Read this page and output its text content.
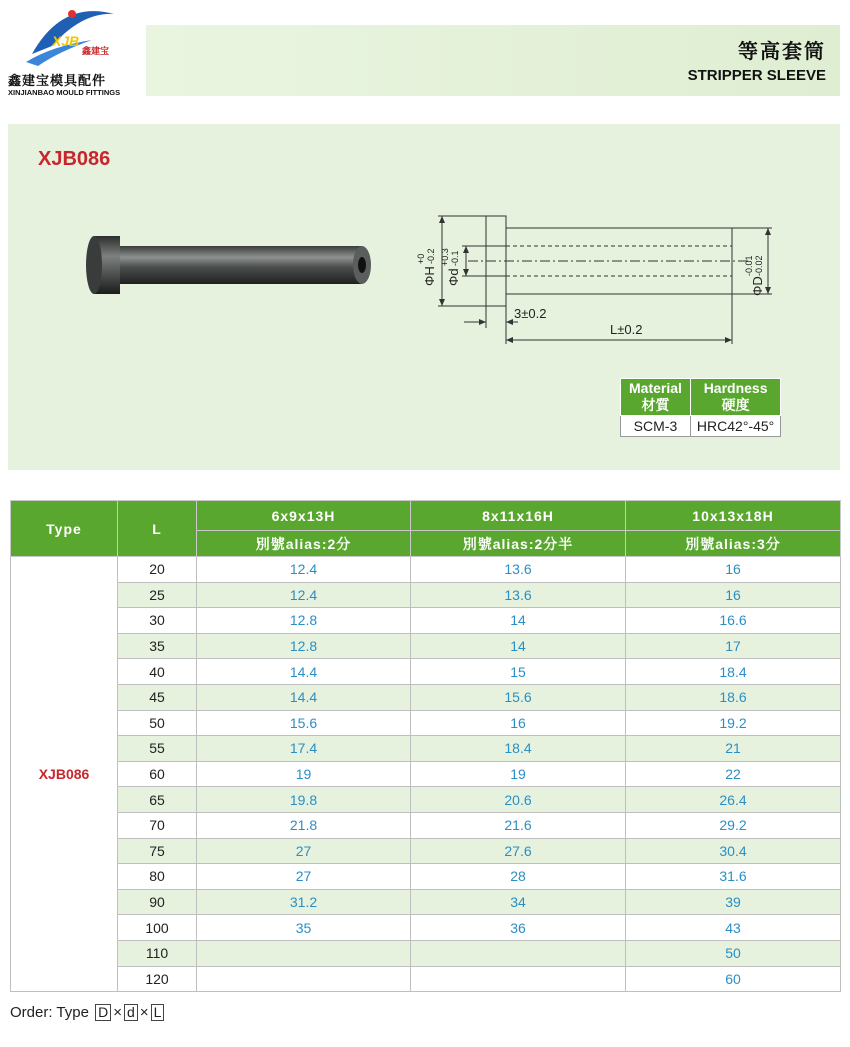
XJB
鑫建宝
鑫建宝模具配件
XINJIANBAO MOULD FITTINGS
等高套筒
STRIPPER SLEEVE
XJB086
ΦH
+0 -0.2
Φd
+0.3 -0.1
ΦD
-0.01 -0.02
3±0.2
L±0.2
Material
材質	Hardness
硬度
SCM-3	HRC42°-45°
Type	L	6x9x13H	8x11x16H	10x13x18H
		別號alias:2分	別號alias:2分半	別號alias:3分
XJB086	20	12.4	13.6	16
	25	12.4	13.6	16
	30	12.8	14	16.6
	35	12.8	14	17
	40	14.4	15	18.4
	45	14.4	15.6	18.6
	50	15.6	16	19.2
	55	17.4	18.4	21
	60	19	19	22
	65	19.8	20.6	26.4
	70	21.8	21.6	29.2
	75	27	27.6	30.4
	80	27	28	31.6
	90	31.2	34	39
	100	35	36	43
	110			50
	120			60
Order: Type D × d × L
